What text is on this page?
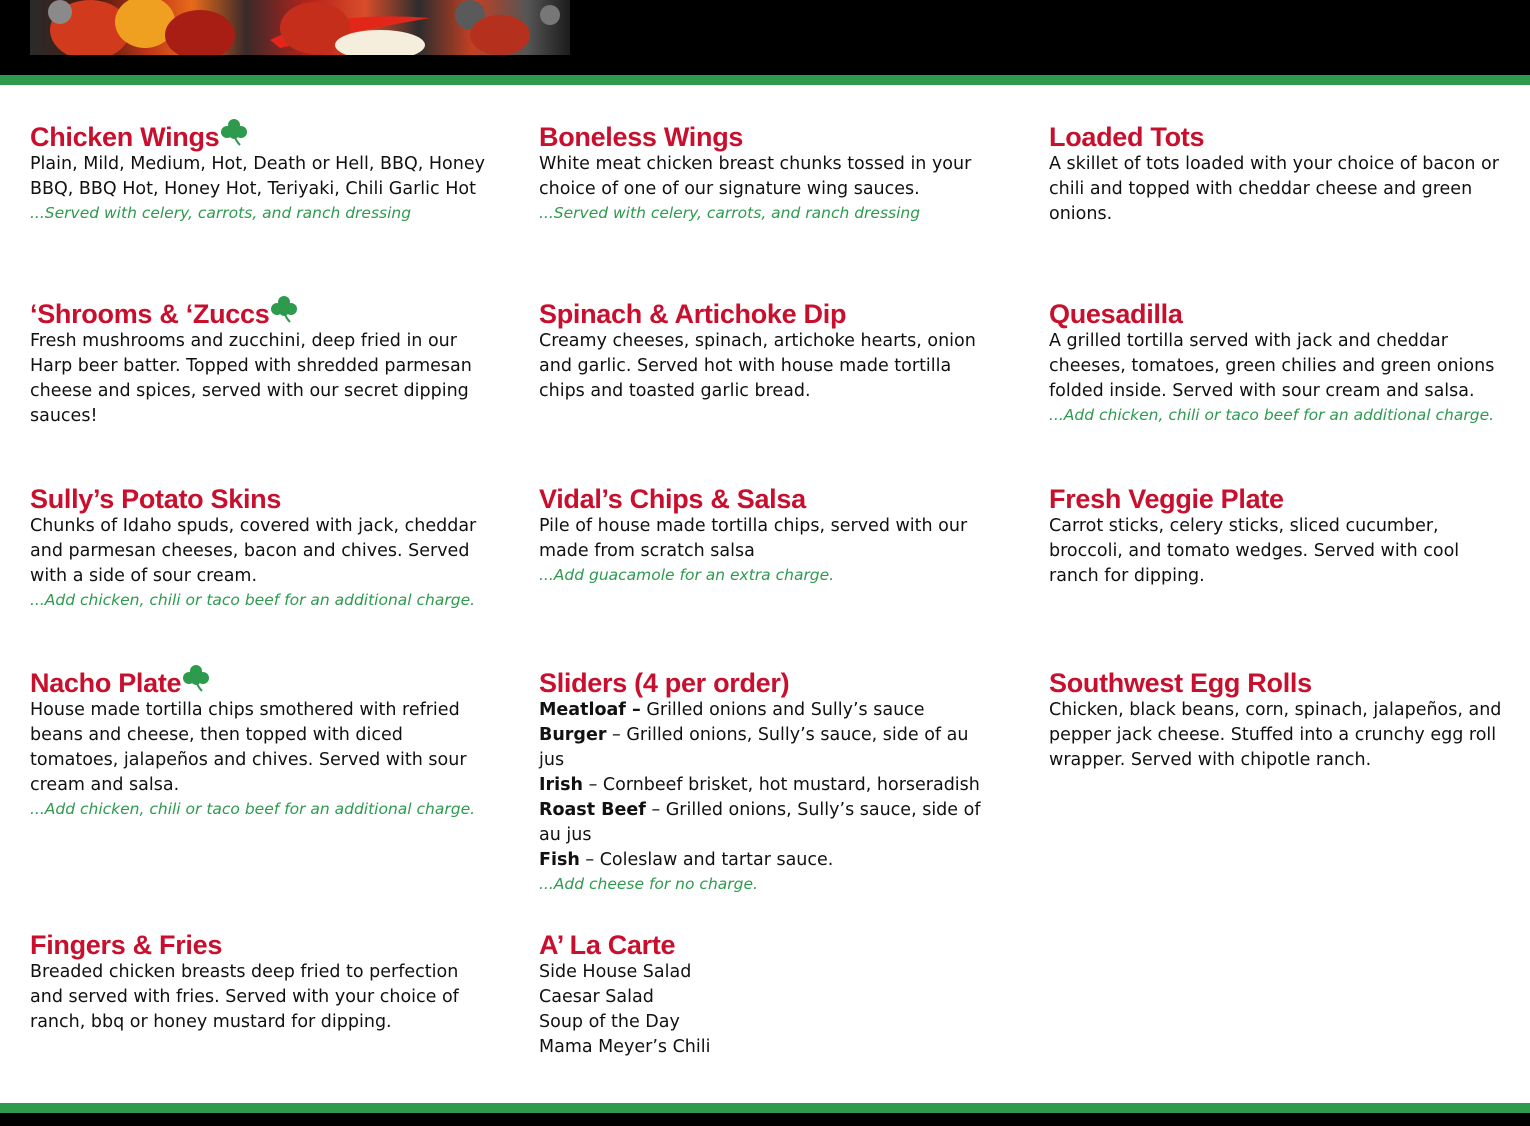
Chicken Wings
Plain, Mild, Medium, Hot, Death or Hell, BBQ, Honey BBQ, BBQ Hot, Honey Hot, Teriyaki, Chili Garlic Hot
...Served with celery, carrots, and ranch dressing
Boneless Wings
White meat chicken breast chunks tossed in your choice of one of our signature wing sauces.
...Served with celery, carrots, and ranch dressing
Loaded Tots
A skillet of tots loaded with your choice of bacon or chili and topped with cheddar cheese and green onions.
‘Shrooms & ‘Zuccs
Fresh mushrooms and zucchini, deep fried in our Harp beer batter. Topped with shredded parmesan cheese and spices, served with our secret dipping sauces!
Spinach & Artichoke Dip
Creamy cheeses, spinach, artichoke hearts, onion and garlic. Served hot with house made tortilla chips and toasted garlic bread.
Quesadilla
A grilled tortilla served with jack and cheddar cheeses, tomatoes, green chilies and green onions folded inside. Served with sour cream and salsa.
...Add chicken, chili or taco beef for an additional charge.
Sully’s Potato Skins
Chunks of Idaho spuds, covered with jack, cheddar and parmesan cheeses, bacon and chives. Served with a side of sour cream.
...Add chicken, chili or taco beef for an additional charge.
Vidal’s Chips & Salsa
Pile of house made tortilla chips, served with our made from scratch salsa
...Add guacamole for an extra charge.
Fresh Veggie Plate
Carrot sticks, celery sticks, sliced cucumber, broccoli, and tomato wedges. Served with cool ranch for dipping.
Nacho Plate
House made tortilla chips smothered with refried beans and cheese, then topped with diced tomatoes, jalapeños and chives. Served with sour cream and salsa.
...Add chicken, chili or taco beef for an additional charge.
Sliders (4 per order)
Meatloaf – Grilled onions and Sully’s sauce
Burger – Grilled onions, Sully’s sauce, side of au jus
Irish – Cornbeef brisket, hot mustard, horseradish
Roast Beef – Grilled onions, Sully’s sauce, side of au jus
Fish – Coleslaw and tartar sauce.
...Add cheese for no charge.
Southwest Egg Rolls
Chicken, black beans, corn, spinach, jalapeños, and pepper jack cheese. Stuffed into a crunchy egg roll wrapper. Served with chipotle ranch.
Fingers & Fries
Breaded chicken breasts deep fried to perfection and served with fries. Served with your choice of ranch, bbq or honey mustard for dipping.
A’ La Carte
Side House Salad
Caesar Salad
Soup of the Day
Mama Meyer’s Chili
